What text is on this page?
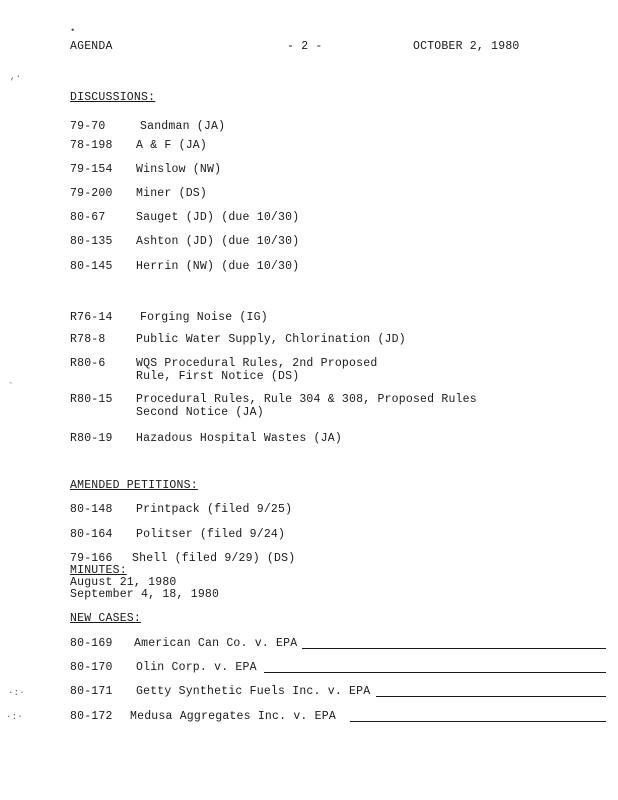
•
,·
`
·:·
·:·
AGENDA	- 2 -	OCTOBER 2, 1980
DISCUSSIONS:
79-70	Sandman (JA)
78-198 A & F (JA)
79-154 Winslow (NW)
79-200 Miner (DS)
80-67	Sauget (JD) (due 10/30)
80-135 Ashton (JD) (due 10/30)
80-145 Herrin (NW) (due 10/30)
R76-14 Forging Noise (IG)
R78-8	Public Water Supply, Chlorination (JD)
R80-6	WQS Procedural Rules, 2nd Proposed
Rule, First Notice (DS)
R80-15 Procedural Rules, Rule 304 & 308, Proposed Rules
Second Notice (JA)
R80-19 Hazadous Hospital Wastes (JA)
AMENDED PETITIONS:
80-148 Printpack (filed 9/25)
80-164 Politser (filed 9/24)
79-166 Shell (filed 9/29) (DS)
MINUTES:
August 21, 1980
September 4, 18, 1980
NEW CASES:
80-169 American Can Co. v. EPA
80-170 Olin Corp. v. EPA
80-171 Getty Synthetic Fuels Inc. v. EPA
80-172 Medusa Aggregates Inc. v. EPA
